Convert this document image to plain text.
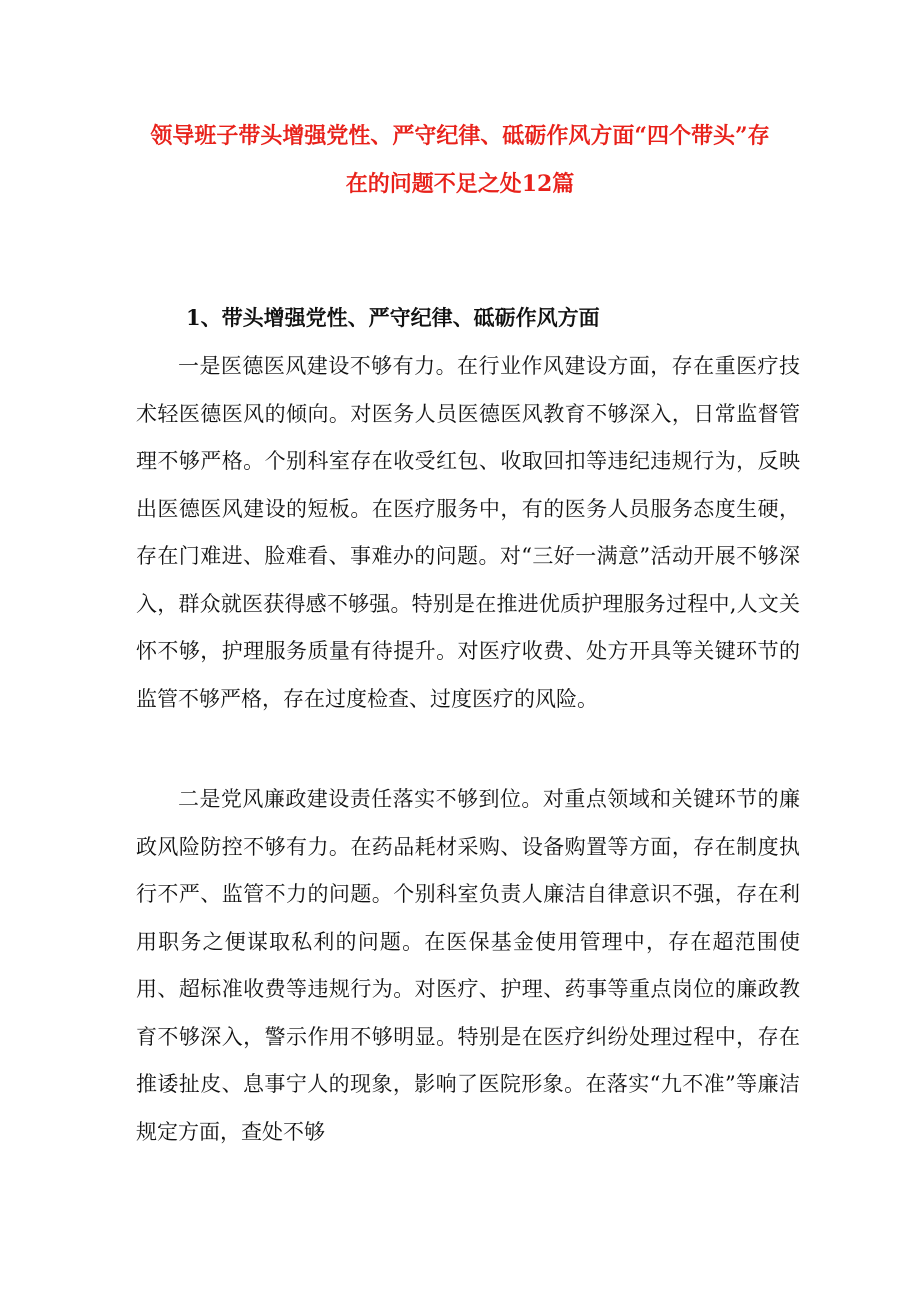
领导班子带头增强党性、严守纪律、砥砺作风方面“四个带头”存在的问题不足之处12篇
1、带头增强党性、严守纪律、砥砺作风方面

一是医德医风建设不够有力。在行业作风建设方面，存在重医疗技术轻医德医风的倾向。对医务人员医德医风教育不够深入，日常监督管理不够严格。个别科室存在收受红包、收取回扣等违纪违规行为，反映出医德医风建设的短板。在医疗服务中，有的医务人员服务态度生硬，存在门难进、脸难看、事难办的问题。对“三好一满意”活动开展不够深入，群众就医获得感不够强。特别是在推进优质护理服务过程中,人文关怀不够，护理服务质量有待提升。对医疗收费、处方开具等关键环节的监管不够严格，存在过度检查、过度医疗的风险。

二是党风廉政建设责任落实不够到位。对重点领域和关键环节的廉政风险防控不够有力。在药品耗材采购、设备购置等方面，存在制度执行不严、监管不力的问题。个别科室负责人廉洁自律意识不强，存在利用职务之便谋取私利的问题。在医保基金使用管理中，存在超范围使用、超标准收费等违规行为。对医疗、护理、药事等重点岗位的廉政教育不够深入，警示作用不够明显。特别是在医疗纠纷处理过程中，存在推诿扯皮、息事宁人的现象，影响了医院形象。在落实“九不准”等廉洁规定方面，查处不够
